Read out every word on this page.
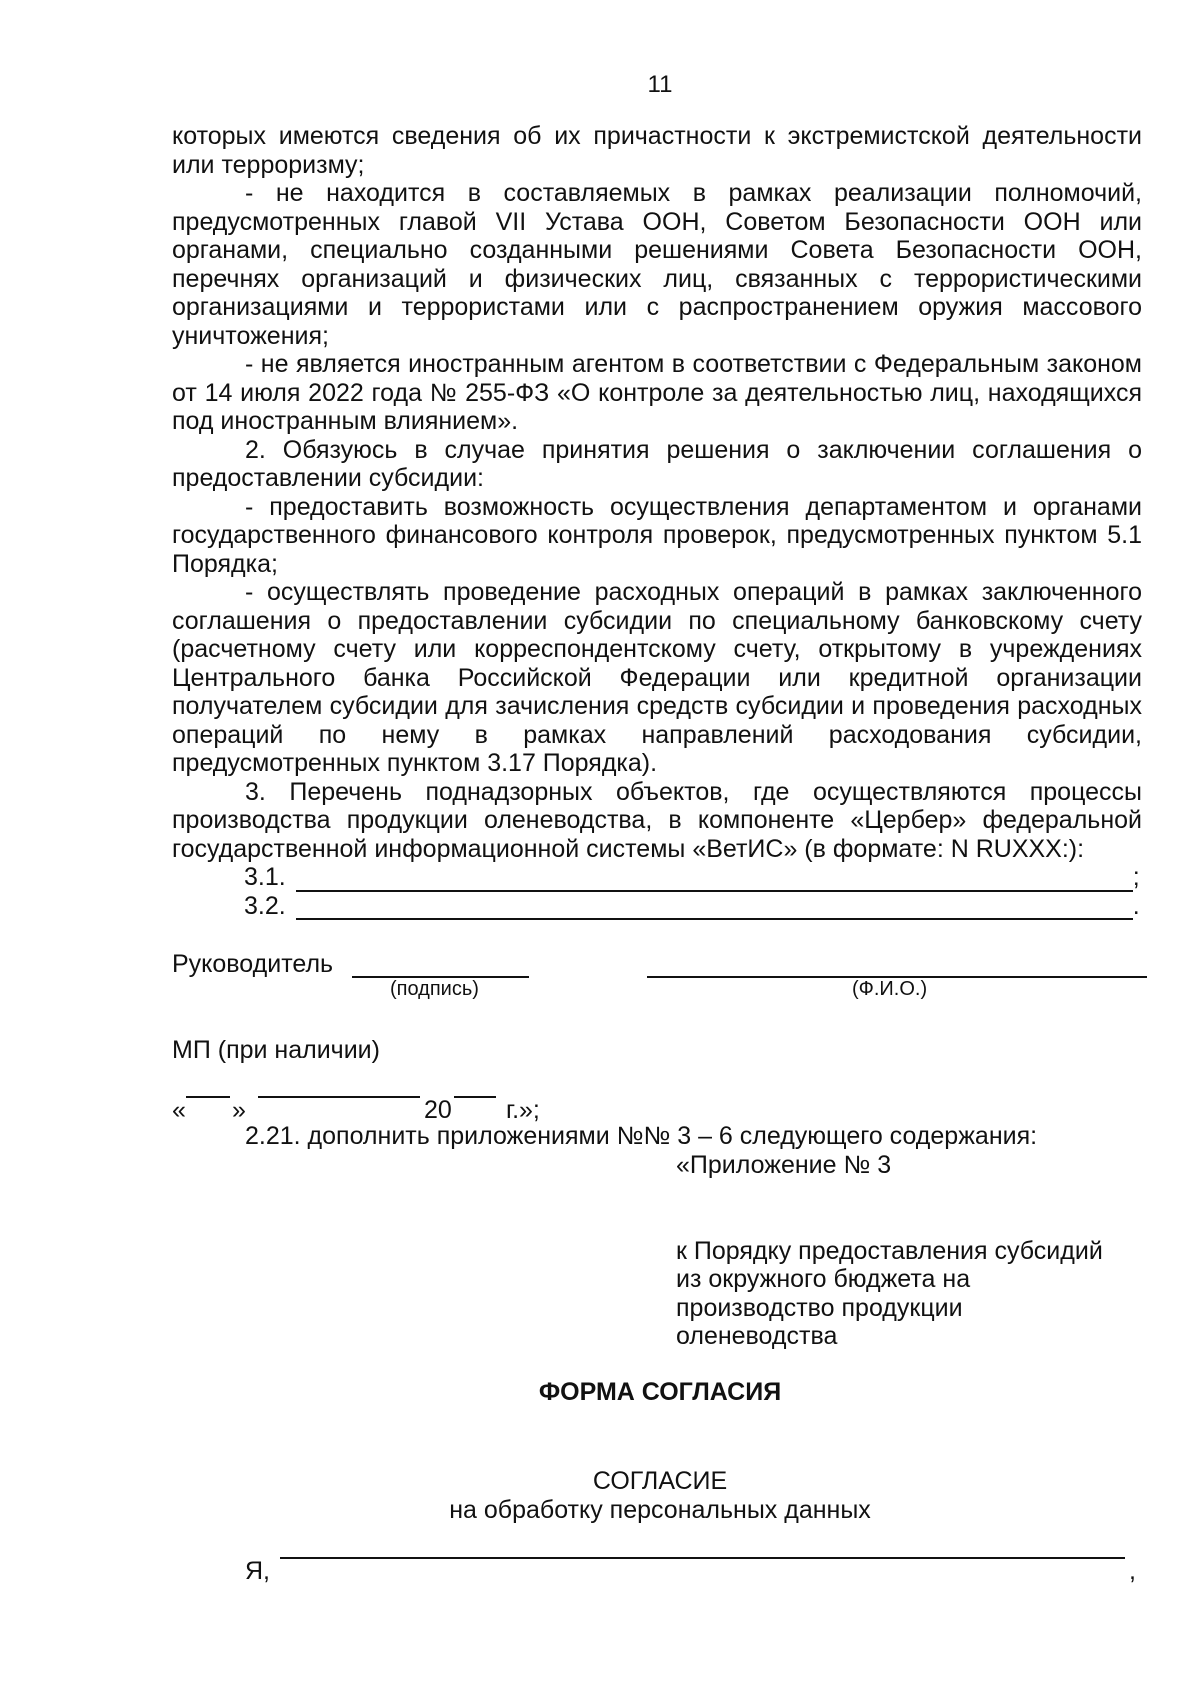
11

которых имеются сведения об их причастности к экстремистской деятельности или терроризму;

- не находится в составляемых в рамках реализации полномочий, предусмотренных главой VII Устава ООН, Советом Безопасности ООН или органами, специально созданными решениями Совета Безопасности ООН, перечнях организаций и физических лиц, связанных с террористическими организациями и террористами или с распространением оружия массового уничтожения;

- не является иностранным агентом в соответствии с Федеральным законом от 14 июля 2022 года № 255-ФЗ «О контроле за деятельностью лиц, находящихся под иностранным влиянием».

2. Обязуюсь в случае принятия решения о заключении соглашения о предоставлении субсидии:

- предоставить возможность осуществления департаментом и органами государственного финансового контроля проверок, предусмотренных пунктом 5.1 Порядка;

- осуществлять проведение расходных операций в рамках заключенного соглашения о предоставлении субсидии по специальному банковскому счету (расчетному счету или корреспондентскому счету, открытому в учреждениях Центрального банка Российской Федерации или кредитной организации получателем субсидии для зачисления средств субсидии и проведения расходных операций по нему в рамках направлений расходования субсидии, предусмотренных пунктом 3.17 Порядка).

3. Перечень поднадзорных объектов, где осуществляются процессы производства продукции оленеводства, в компоненте «Цербер» федеральной государственной информационной системы «ВетИС» (в формате: N RUXXX:):

3.1.	;
3.2.	.
Руководитель
(подпись)	(Ф.И.О.)
МП (при наличии)
« »	20 г.»;
2.21. дополнить приложениями №№ 3 – 6 следующего содержания:
«Приложение № 3
к Порядку предоставления субсидий
из окружного бюджета на
производство продукции
оленеводства
ФОРМА СОГЛАСИЯ
СОГЛАСИЕ
на обработку персональных данных
Я,	,
